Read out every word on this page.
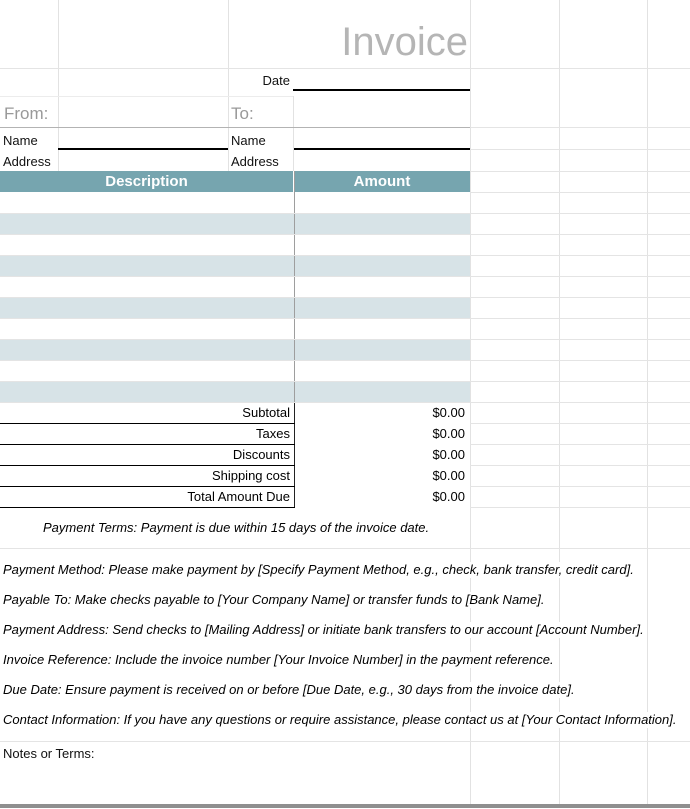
Description	Amount
Invoice
Date
From:	To:
Name	Name
Address	Address
Subtotal	$0.00
Taxes	$0.00
Discounts	$0.00
Shipping cost	$0.00
Total Amount Due	$0.00
Payment Terms: Payment is due within 15 days of the invoice date.
Payment Method: Please make payment by [Specify Payment Method, e.g., check, bank transfer, credit card].
Payable To: Make checks payable to [Your Company Name] or transfer funds to [Bank Name].
Payment Address: Send checks to [Mailing Address] or initiate bank transfers to our account [Account Number].
Invoice Reference: Include the invoice number [Your Invoice Number] in the payment reference.
Due Date: Ensure payment is received on or before [Due Date, e.g., 30 days from the invoice date].
Contact Information: If you have any questions or require assistance, please contact us at [Your Contact Information].
Notes or Terms:
